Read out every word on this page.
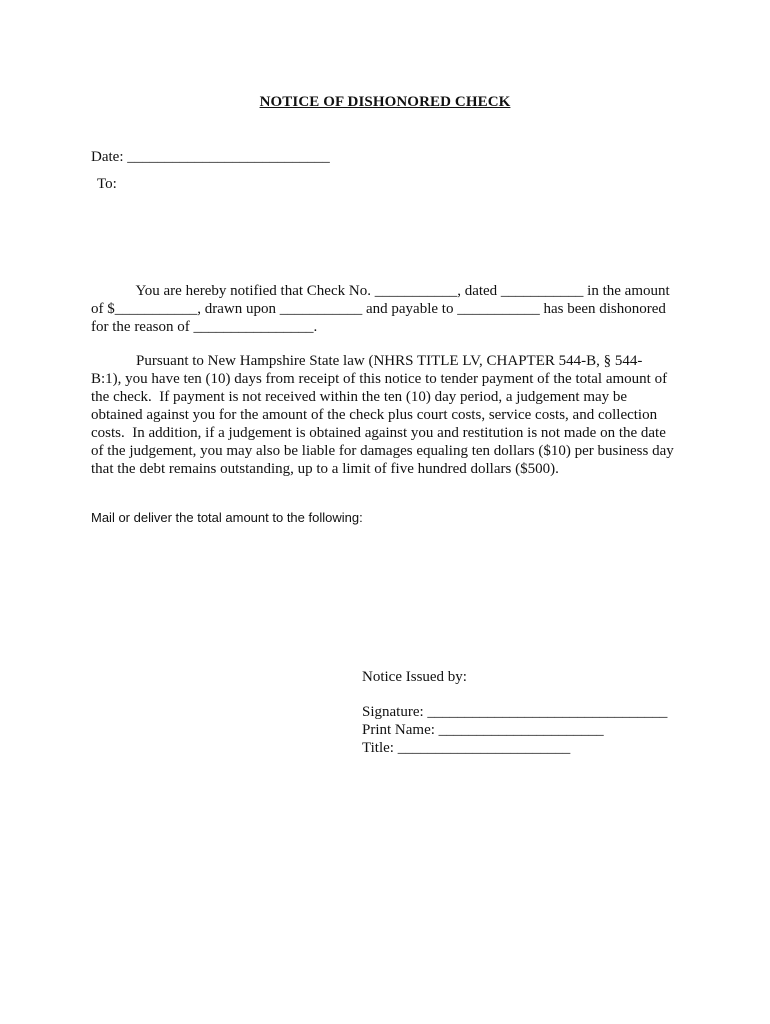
NOTICE OF DISHONORED CHECK
Date: ___________________________
To:
You are hereby notified that Check No. ___________, dated ___________ in the amount
of $___________, drawn upon ___________ and payable to ___________ has been dishonored
for the reason of ________________.
Pursuant to New Hampshire State law (NHRS TITLE LV, CHAPTER 544-B, § 544-
B:1), you have ten (10) days from receipt of this notice to tender payment of the total amount of
the check.  If payment is not received within the ten (10) day period, a judgement may be
obtained against you for the amount of the check plus court costs, service costs, and collection
costs.  In addition, if a judgement is obtained against you and restitution is not made on the date
of the judgement, you may also be liable for damages equaling ten dollars ($10) per business day
that the debt remains outstanding, up to a limit of five hundred dollars ($500).
Mail or deliver the total amount to the following:
Notice Issued by:
Signature: ________________________________
Print Name: ______________________
Title: _______________________
